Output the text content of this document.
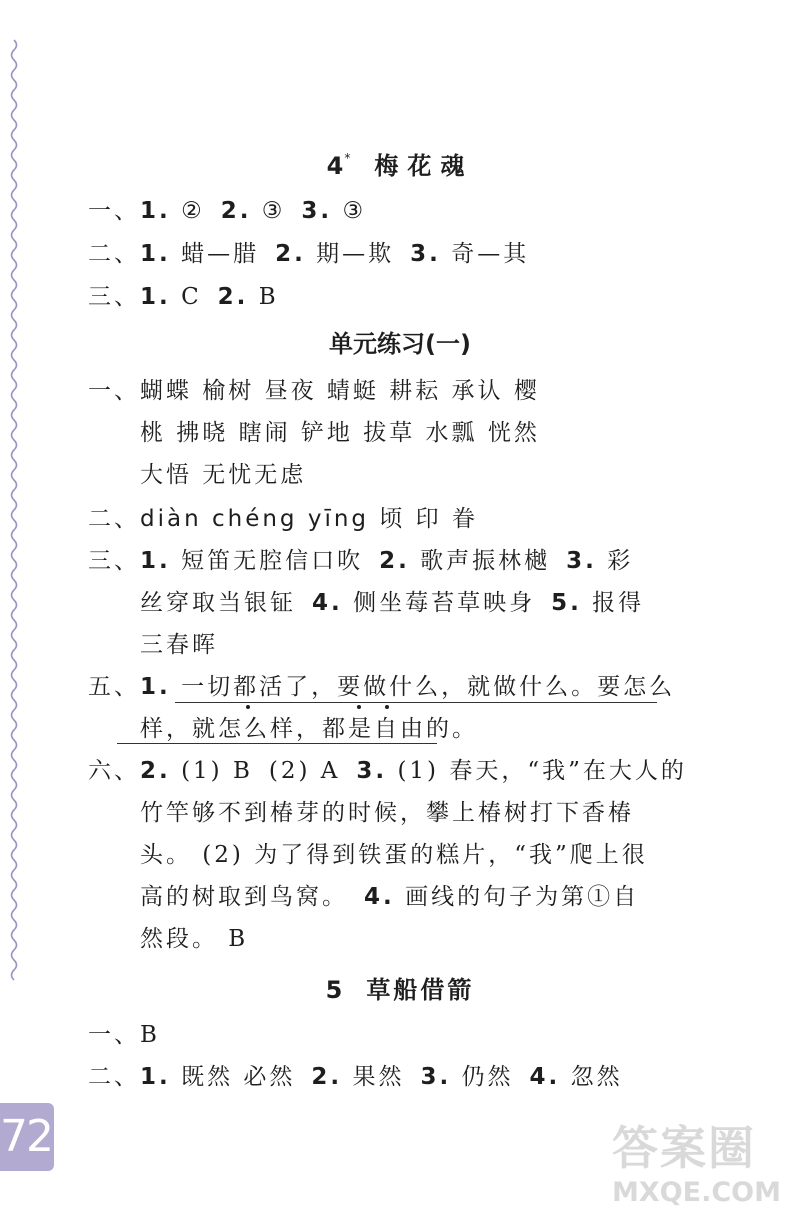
72
4* 梅花魂
一、1. ② 2. ③ 3. ③
二、1. 蜡—腊 2. 期—欺 3. 奇—其
三、1. C 2. B
单元练习(一)
一、蝴蝶 榆树 昼夜 蜻蜓 耕耘 承认 樱
桃 拂晓 瞎闹 铲地 拔草 水瓢 恍然
大悟 无忧无虑
二、diàn chéng yīng 顷 印 眷
三、1. 短笛无腔信口吹 2. 歌声振林樾 3. 彩
丝穿取当银钲 4. 侧坐莓苔草映身 5. 报得
三春晖
五、1. 一切都活了，要做什么，就做什么。要怎么
样，就怎么样，都是自由的。
六、2. (1) B (2) A 3. (1) 春天，“我”在大人的
竹竿够不到椿芽的时候，攀上椿树打下香椿
头。 (2) 为了得到铁蛋的糕片，“我”爬上很
高的树取到鸟窝。 4. 画线的句子为第①自
然段。 B
5 草船借箭
一、B
二、1. 既然 必然 2. 果然 3. 仍然 4. 忽然
答案圈
MXQE.COM
